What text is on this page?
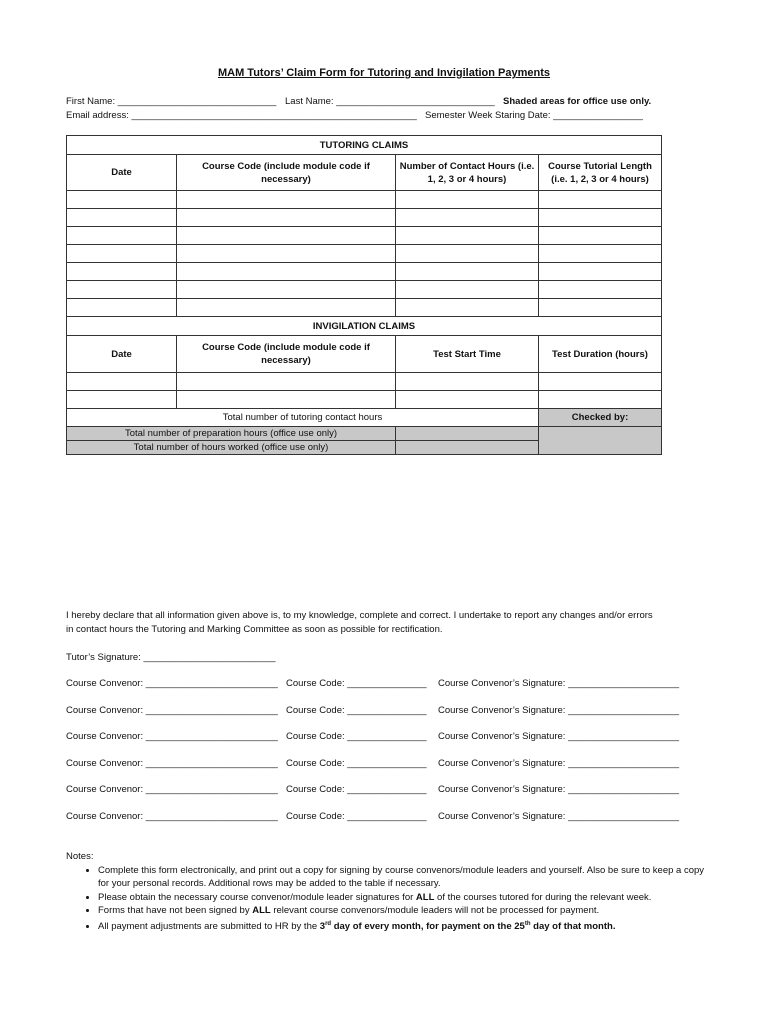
MAM Tutors’ Claim Form for Tutoring and Invigilation Payments
First Name: ______________________________ Last Name: ______________________________ Shaded areas for office use only.
Email address: ______________________________________________________ Semester Week Staring Date: _________________
TUTORING CLAIMS			
Date	Course Code (include module code if necessary)	Number of Contact Hours (i.e. 1, 2, 3 or 4 hours)	Course Tutorial Length (i.e. 1, 2, 3 or 4 hours)

INVIGILATION CLAIMS			
Date	Course Code (include module code if necessary)	Test Start Time	Test Duration (hours)

Total number of tutoring contact hours			Checked by:
Total number of preparation hours (office use only)			
Total number of hours worked (office use only)			
I hereby declare that all information given above is, to my knowledge, complete and correct. I undertake to report any changes and/or errors
in contact hours the Tutoring and Marking Committee as soon as possible for rectification.
Tutor’s Signature: _________________________
Course Convenor: _________________________ Course Code: _______________ Course Convenor’s Signature: _____________________
Course Convenor: _________________________ Course Code: _______________ Course Convenor’s Signature: _____________________
Course Convenor: _________________________ Course Code: _______________ Course Convenor’s Signature: _____________________
Course Convenor: _________________________ Course Code: _______________ Course Convenor’s Signature: _____________________
Course Convenor: _________________________ Course Code: _______________ Course Convenor’s Signature: _____________________
Course Convenor: _________________________ Course Code: _______________ Course Convenor’s Signature: _____________________
Notes:
• Complete this form electronically, and print out a copy for signing by course convenors/module leaders and yourself. Also be sure to keep a copy for your personal records. Additional rows may be added to the table if necessary.
• Please obtain the necessary course convenor/module leader signatures for ALL of the courses tutored for during the relevant week.
• Forms that have not been signed by ALL relevant course convenors/module leaders will not be processed for payment.
• All payment adjustments are submitted to HR by the 3rd day of every month, for payment on the 25th day of that month.
